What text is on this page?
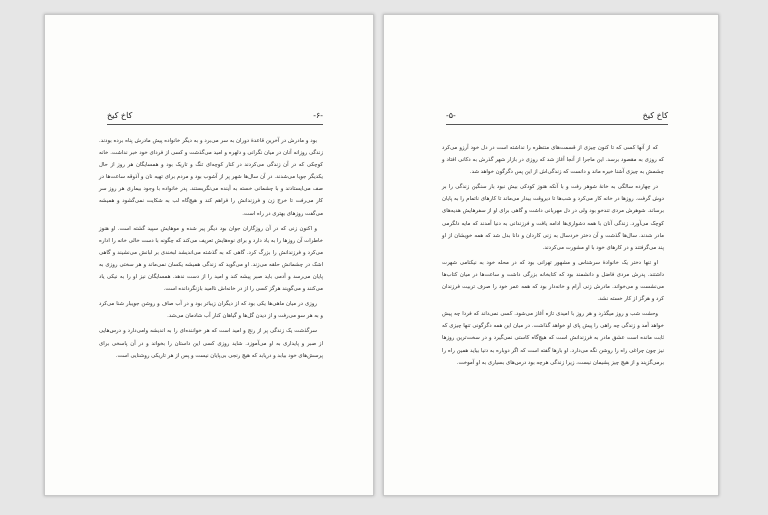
کاخ کیخ	-۶-

بود و مادرش در آخرین قاعدهٔ دوران به سر می‌برد و به دیگر خانواده پیش مادرش پناه برده بودند. زندگی روزانه آنان در میان نگرانی و دلهره و امید می‌گذشت و کسی از فردای خود خبر نداشت. خانه کوچکی که در آن زندگی می‌کردند در کنار کوچه‌ای تنگ و تاریک بود و همسایگان هر روز از حال یکدیگر جویا می‌شدند. در آن سال‌ها شهر پر از آشوب بود و مردم برای تهیه نان و آذوقه ساعت‌ها در صف می‌ایستادند و با چشمانی خسته به آینده می‌نگریستند. پدر خانواده با وجود بیماری هر روز سر کار می‌رفت تا خرج زن و فرزندانش را فراهم کند و هیچ‌گاه لب به شکایت نمی‌گشود و همیشه می‌گفت روزهای بهتری در راه است.

و اکنون زنی که در آن روزگاران جوان بود دیگر پیر شده و موهایش سپید گشته است. او هنوز خاطرات آن روزها را به یاد دارد و برای نوه‌هایش تعریف می‌کند که چگونه با دست خالی خانه را اداره می‌کرد و فرزندانش را بزرگ کرد. گاهی که به گذشته می‌اندیشد لبخندی بر لبانش می‌نشیند و گاهی اشک در چشمانش حلقه می‌زند. او می‌گوید که زندگی همیشه یکسان نمی‌ماند و هر سختی روزی به پایان می‌رسد و آدمی باید صبر پیشه کند و امید را از دست ندهد. همسایگان نیز او را به نیکی یاد می‌کنند و می‌گویند هرگز کسی را از در خانه‌اش ناامید بازنگردانده است.

روزی در میان ماهی‌ها یکی بود که از دیگران زیباتر بود و در آب صاف و روشن جویبار شنا می‌کرد و به هر سو می‌رفت و از دیدن گل‌ها و گیاهان کنار آب شادمان می‌شد.

سرگذشت یک زندگی پر از رنج و امید است که هر خواننده‌ای را به اندیشه وامی‌دارد و درس‌هایی از صبر و پایداری به او می‌آموزد. شاید روزی کسی این داستان را بخواند و در آن پاسخی برای پرسش‌های خود بیابد و دریابد که هیچ رنجی بی‌پایان نیست و پس از هر تاریکی روشنایی است.

کاخ کیخ
-۵-

که از آنها کسی که تا کنون چیزی از قسمت‌های منتظره را نداشته است در دل خود آرزو می‌کرد که روزی به مقصود برسد. این ماجرا از آنجا آغاز شد که روزی در بازار شهر گذرش به دکانی افتاد و چشمش به چیزی آشنا خیره ماند و دانست که زندگی‌اش از این پس دگرگون خواهد شد.

در چهارده سالگی به خانهٔ شوهر رفت و با آنکه هنوز کودکی بیش نبود بار سنگین زندگی را بر دوش گرفت. روزها در خانه کار می‌کرد و شب‌ها تا دیروقت بیدار می‌ماند تا کارهای ناتمام را به پایان برساند. شوهرش مردی تندخو بود ولی در دل مهربانی داشت و گاهی برای او از سفرهایش هدیه‌های کوچک می‌آورد. زندگی آنان با همه دشواری‌ها ادامه یافت و فرزندانی به دنیا آمدند که مایه دلگرمی مادر شدند. سال‌ها گذشت و آن دختر خردسال به زنی کاردان و دانا بدل شد که همه خویشان از او پند می‌گرفتند و در کارهای خود با او مشورت می‌کردند.

او تنها دختر یک خانوادهٔ سرشناس و مشهور تهرانی بود که در محله خود به نیکنامی شهرت داشتند. پدرش مردی فاضل و دانشمند بود که کتابخانه بزرگی داشت و ساعت‌ها در میان کتاب‌ها می‌نشست و می‌خواند. مادرش زنی آرام و خانه‌دار بود که همه عمر خود را صرف تربیت فرزندان کرد و هرگز از کار خسته نشد.

وحشت شب و روز میگذرد و هر روز با امیدی تازه آغاز می‌شود. کسی نمی‌داند که فردا چه پیش خواهد آمد و زندگی چه راهی را پیش پای او خواهد گذاشت. در میان این همه دگرگونی تنها چیزی که ثابت مانده است عشق مادر به فرزندانش است که هیچ‌گاه کاستی نمی‌گیرد و در سخت‌ترین روزها نیز چون چراغی راه را روشن نگه می‌دارد. او بارها گفته است که اگر دوباره به دنیا بیاید همین راه را برمی‌گزیند و از هیچ چیز پشیمان نیست، زیرا زندگی هرچه بود درس‌های بسیاری به او آموخت.
